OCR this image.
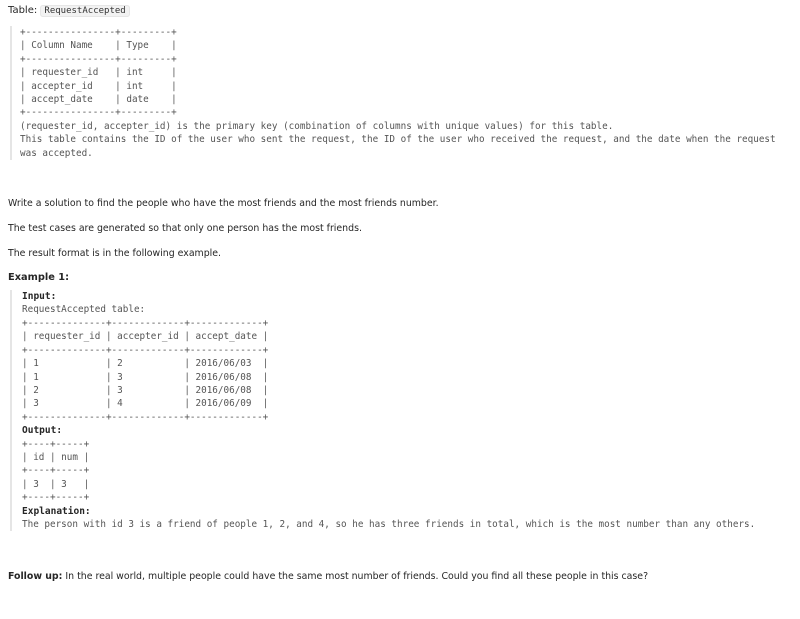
Table: RequestAccepted

+----------------+---------+
| Column Name    | Type    |
+----------------+---------+
| requester_id   | int     |
| accepter_id    | int     |
| accept_date    | date    |
+----------------+---------+
(requester_id, accepter_id) is the primary key (combination of columns with unique values) for this table.
This table contains the ID of the user who sent the request, the ID of the user who received the request, and the date when the request
was accepted.

Write a solution to find the people who have the most friends and the most friends number.

The test cases are generated so that only one person has the most friends.

The result format is in the following example.

Example 1:

Input:
RequestAccepted table:
+--------------+-------------+-------------+
| requester_id | accepter_id | accept_date |
+--------------+-------------+-------------+
| 1            | 2           | 2016/06/03  |
| 1            | 3           | 2016/06/08  |
| 2            | 3           | 2016/06/08  |
| 3            | 4           | 2016/06/09  |
+--------------+-------------+-------------+
Output:
+----+-----+
| id | num |
+----+-----+
| 3  | 3   |
+----+-----+
Explanation:
The person with id 3 is a friend of people 1, 2, and 4, so he has three friends in total, which is the most number than any others.

Follow up: In the real world, multiple people could have the same most number of friends. Could you find all these people in this case?
